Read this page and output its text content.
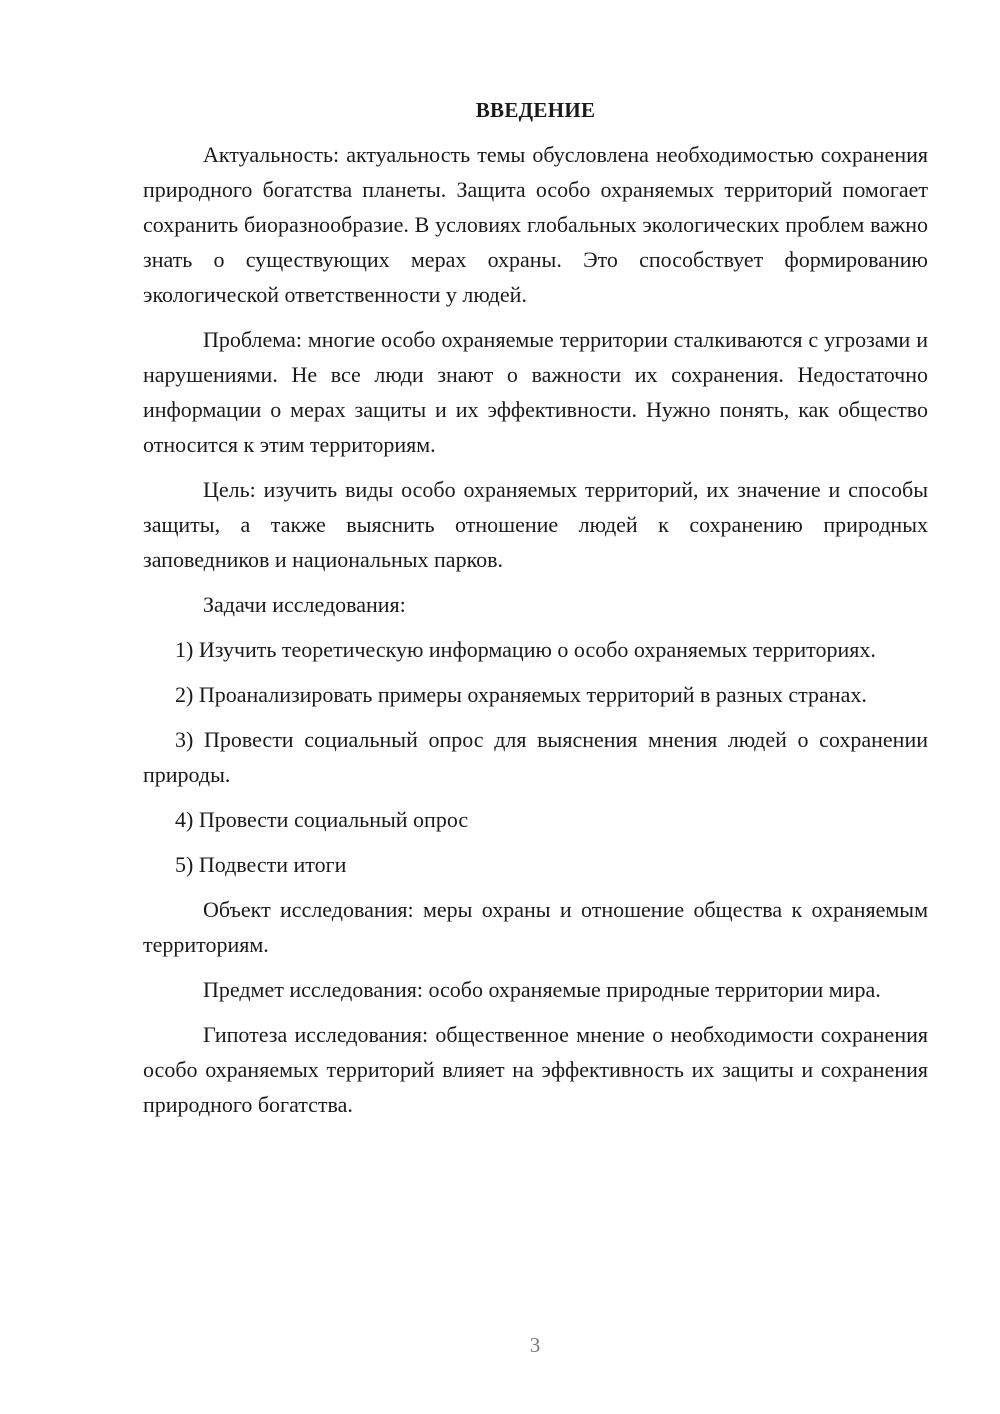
ВВЕДЕНИЕ

Актуальность: актуальность темы обусловлена необходимостью сохранения природного богатства планеты. Защита особо охраняемых территорий помогает сохранить биоразнообразие. В условиях глобальных экологических проблем важно знать о существующих мерах охраны. Это способствует формированию экологической ответственности у людей.

Проблема: многие особо охраняемые территории сталкиваются с угрозами и нарушениями. Не все люди знают о важности их сохранения. Недостаточно информации о мерах защиты и их эффективности. Нужно понять, как общество относится к этим территориям.

Цель: изучить виды особо охраняемых территорий, их значение и способы защиты, а также выяснить отношение людей к сохранению природных заповедников и национальных парков.

Задачи исследования:

1) Изучить теоретическую информацию о особо охраняемых территориях.

2) Проанализировать примеры охраняемых территорий в разных странах.

3) Провести социальный опрос для выяснения мнения людей о сохранении природы.

4) Провести социальный опрос

5) Подвести итоги

Объект исследования: меры охраны и отношение общества к охраняемым территориям.

Предмет исследования: особо охраняемые природные территории мира.

Гипотеза исследования: общественное мнение о необходимости сохранения особо охраняемых территорий влияет на эффективность их защиты и сохранения природного богатства.

3
